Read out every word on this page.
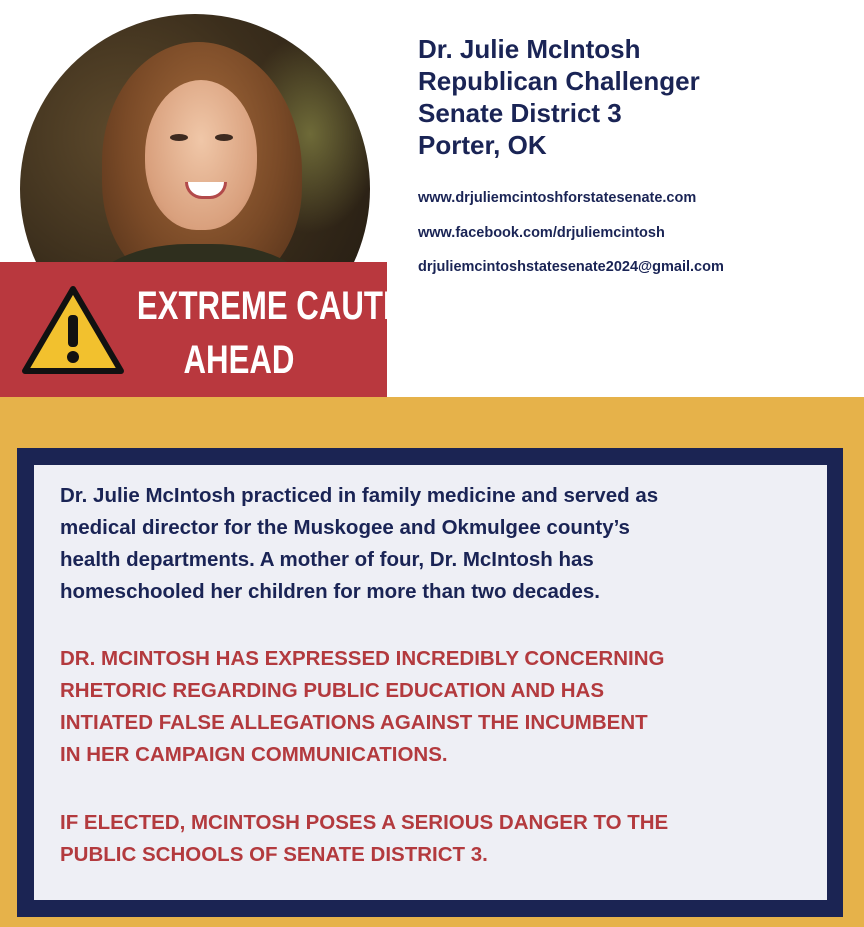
EXTREME CAUTION
AHEAD
Dr. Julie McIntosh
Republican Challenger
Senate District 3
Porter, OK
www.drjuliemcintoshforstatesenate.com
www.facebook.com/drjuliemcintosh
drjuliemcintoshstatesenate2024@gmail.com
Dr. Julie McIntosh practiced in family medicine and served as
medical director for the Muskogee and Okmulgee county’s
health departments. A mother of four, Dr. McIntosh has
homeschooled her children for more than two decades.
DR. MCINTOSH HAS EXPRESSED INCREDIBLY CONCERNING
RHETORIC REGARDING PUBLIC EDUCATION AND HAS
INTIATED FALSE ALLEGATIONS AGAINST THE INCUMBENT
IN HER CAMPAIGN COMMUNICATIONS.
IF ELECTED, MCINTOSH POSES A SERIOUS DANGER TO THE
PUBLIC SCHOOLS OF SENATE DISTRICT 3.
